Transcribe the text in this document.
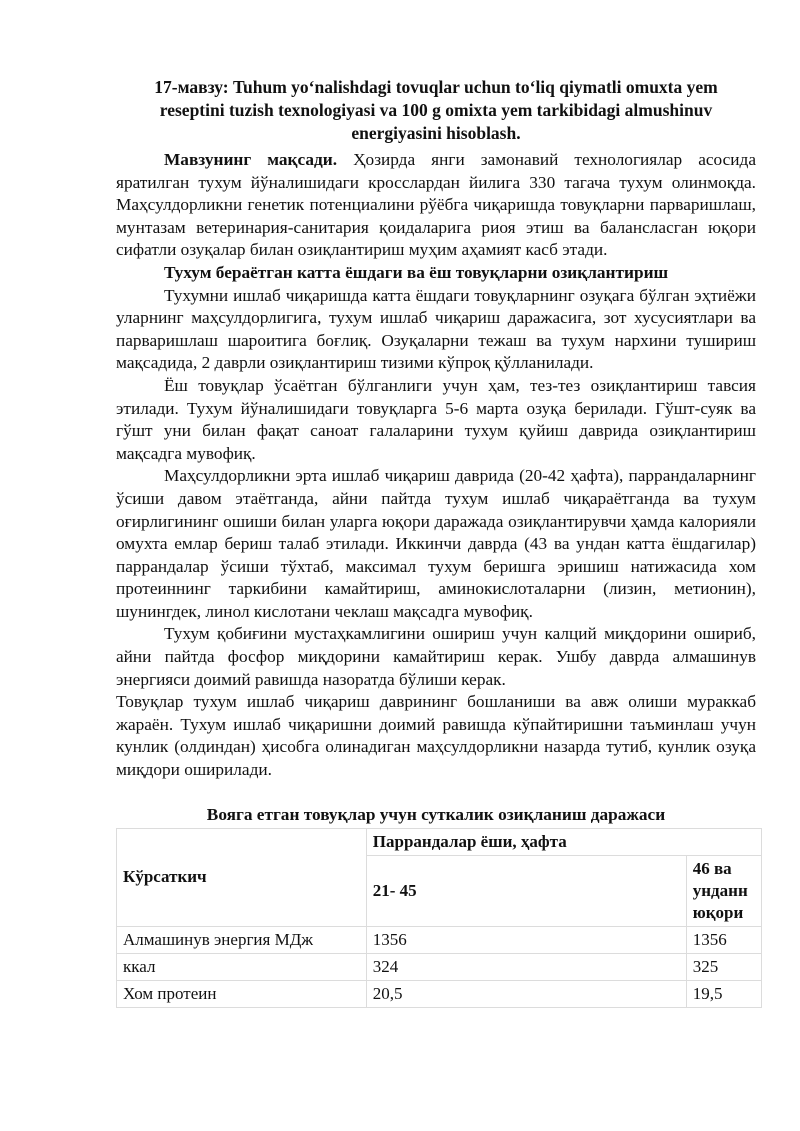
17-мавзу: Tuhum yoʻnalishdagi tovuqlar uchun toʻliq qiymatli omuxta yem reseptini tuzish texnologiyasi va 100 g omixta yem tarkibidagi almushinuv energiyasini hisoblash.

Мавзунинг мақсади. Ҳозирда янги замонавий технологиялар асосида яратилган тухум йўналишидаги кросслардан йилига 330 тагача тухум олинмоқда. Маҳсулдорликни генетик потенциалини рўёбга чиқаришда товуқларни парваришлаш, мунтазам ветеринария-санитария қоидаларига риоя этиш ва балансласган юқори сифатли озуқалар билан озиқлантириш муҳим аҳамият касб этади.

Тухум бераётган катта ёшдаги ва ёш товуқларни озиқлантириш

Тухумни ишлаб чиқаришда катта ёшдаги товуқларнинг озуқага бўлган эҳтиёжи уларнинг маҳсулдорлигига, тухум ишлаб чиқариш даражасига, зот хусусиятлари ва парваришлаш шароитига боғлиқ. Озуқаларни тежаш ва тухум нархини тушириш мақсадида, 2 даврли озиқлантириш тизими кўпроқ қўлланилади.

Ёш товуқлар ўсаётган бўлганлиги учун ҳам, тез-тез озиқлантириш тавсия этилади. Тухум йўналишидаги товуқларга 5-6 марта озуқа берилади. Гўшт-суяк ва гўшт уни билан фақат саноат галаларини тухум қуйиш даврида озиқлантириш мақсадга мувофиқ.

Маҳсулдорликни эрта ишлаб чиқариш даврида (20-42 ҳафта), паррандаларнинг ўсиши давом этаётганда, айни пайтда тухум ишлаб чиқараётганда ва тухум оғирлигининг ошиши билан уларга юқори даражада озиқлантирувчи ҳамда калорияли омухта емлар бериш талаб этилади. Иккинчи даврда (43 ва ундан катта ёшдагилар) паррандалар ўсиши тўхтаб, максимал тухум беришга эришиш натижасида хом протеиннинг таркибини камайтириш, аминокислоталарни (лизин, метионин), шунингдек, линол кислотани чеклаш мақсадга мувофиқ.

Тухум қобиғини мустаҳкамлигини ошириш учун калций миқдорини ошириб, айни пайтда фосфор миқдорини камайтириш керак. Ушбу даврда алмашинув энергияси доимий равишда назоратда бўлиши керак.

Товуқлар тухум ишлаб чиқариш даврининг бошланиши ва авж олиши мураккаб жараён. Тухум ишлаб чиқаришни доимий равишда кўпайтиришни таъминлаш учун кунлик (олдиндан) ҳисобга олинадиган маҳсулдорликни назарда тутиб, кунлик озуқа миқдори оширилади.

Вояга етган товуқлар учун суткалик озиқланиш даражаси
Кўрсаткич	Паррандалар ёши, ҳафта	
	21- 45	46 ва унданн юқори
Алмашинув энергия МДж	1356	1356
ккал	324	325
Хом протеин	20,5	19,5
